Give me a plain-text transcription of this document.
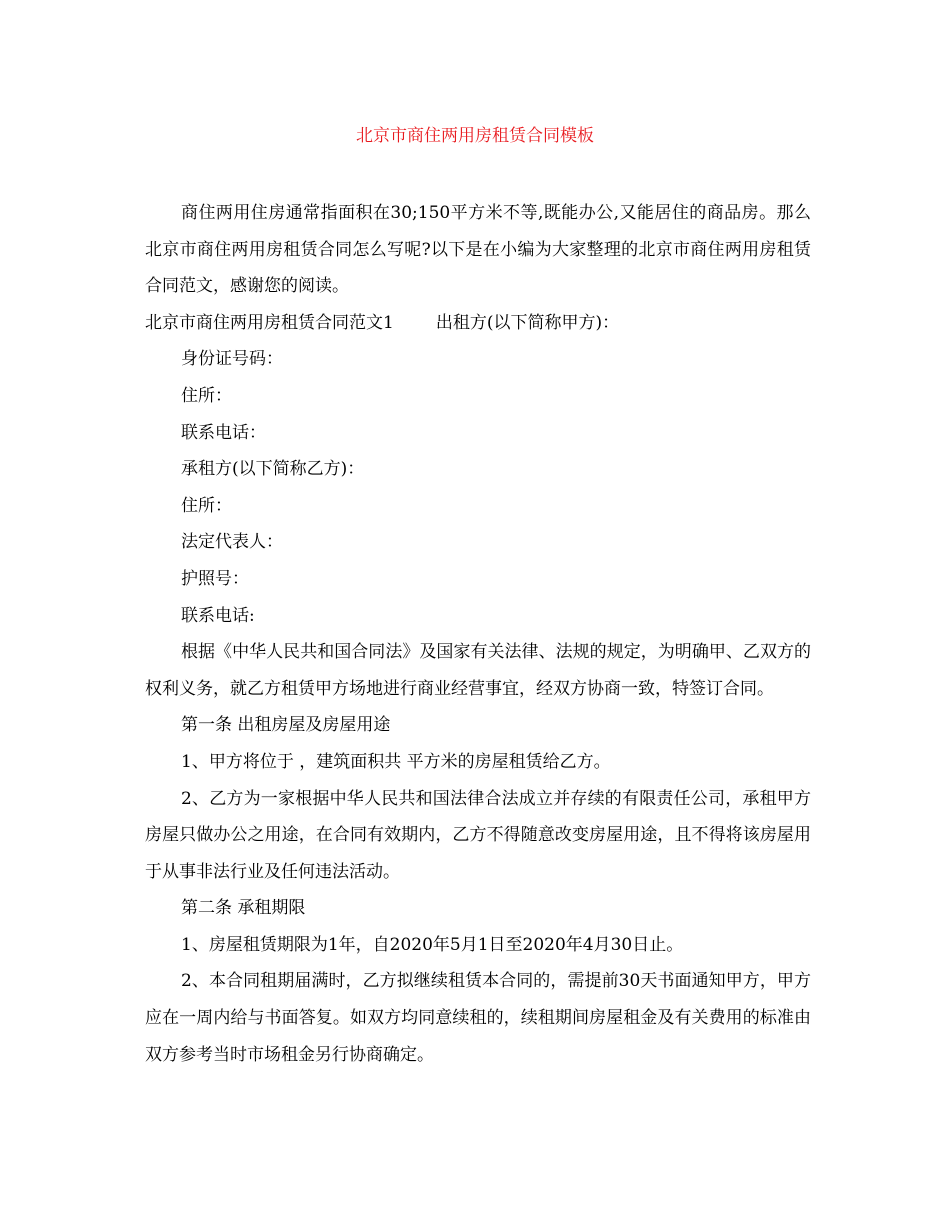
北京市商住两用房租赁合同模板

商住两用住房通常指面积在30;150平方米不等,既能办公,又能居住的商品房。那么北京市商住两用房租赁合同怎么写呢?以下是在小编为大家整理的北京市商住两用房租赁合同范文，感谢您的阅读。

北京市商住两用房租赁合同范文1 出租方(以下简称甲方)：

身份证号码：

住所：

联系电话：

承租方(以下简称乙方)：

住所：

法定代表人：

护照号：

联系电话:

根据《中华人民共和国合同法》及国家有关法律、法规的规定，为明确甲、乙双方的权利义务，就乙方租赁甲方场地进行商业经营事宜，经双方协商一致，特签订合同。

第一条 出租房屋及房屋用途

1、甲方将位于 ，建筑面积共 平方米的房屋租赁给乙方。

2、乙方为一家根据中华人民共和国法律合法成立并存续的有限责任公司，承租甲方房屋只做办公之用途，在合同有效期内，乙方不得随意改变房屋用途，且不得将该房屋用于从事非法行业及任何违法活动。

第二条 承租期限

1、房屋租赁期限为1年，自2020年5月1日至2020年4月30日止。

2、本合同租期届满时，乙方拟继续租赁本合同的，需提前30天书面通知甲方，甲方应在一周内给与书面答复。如双方均同意续租的，续租期间房屋租金及有关费用的标准由双方参考当时市场租金另行协商确定。
